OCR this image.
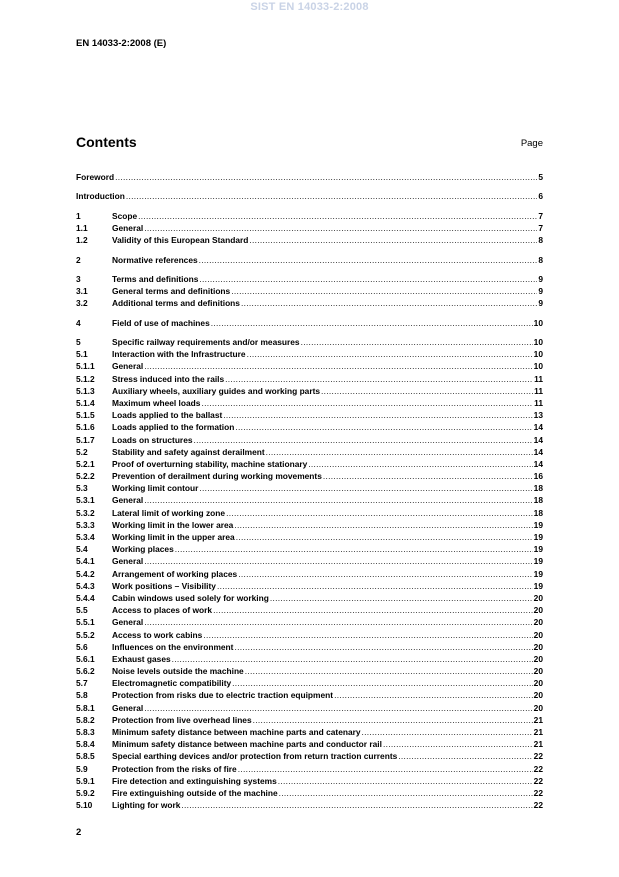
SIST EN 14033-2:2008
EN 14033-2:2008 (E)
Contents	Page
Foreword .....	5
Introduction .....	6
1	Scope .....	7
1.1	General .....	7
1.2	Validity of this European Standard .....	8
2	Normative references .....	8
3	Terms and definitions .....	9
3.1	General terms and definitions .....	9
3.2	Additional terms and definitions .....	9
4	Field of use of machines .....	10
5	Specific railway requirements and/or measures .....	10
5.1	Interaction with the Infrastructure .....	10
5.1.1	General .....	10
5.1.2	Stress induced into the rails .....	11
5.1.3	Auxiliary wheels, auxiliary guides and working parts .....	11
5.1.4	Maximum wheel loads .....	11
5.1.5	Loads applied to the ballast .....	13
5.1.6	Loads applied to the formation .....	14
5.1.7	Loads on structures .....	14
5.2	Stability and safety against derailment .....	14
5.2.1	Proof of overturning stability, machine stationary .....	14
5.2.2	Prevention of derailment during working movements .....	16
5.3	Working limit contour .....	18
5.3.1	General .....	18
5.3.2	Lateral limit of working zone .....	18
5.3.3	Working limit in the lower area .....	19
5.3.4	Working limit in the upper area .....	19
5.4	Working places .....	19
5.4.1	General .....	19
5.4.2	Arrangement of working places .....	19
5.4.3	Work positions – Visibility .....	19
5.4.4	Cabin windows used solely for working .....	20
5.5	Access to places of work .....	20
5.5.1	General .....	20
5.5.2	Access to work cabins .....	20
5.6	Influences on the environment .....	20
5.6.1	Exhaust gases .....	20
5.6.2	Noise levels outside the machine .....	20
5.7	Electromagnetic compatibility .....	20
5.8	Protection from risks due to electric traction equipment .....	20
5.8.1	General .....	20
5.8.2	Protection from live overhead lines .....	21
5.8.3	Minimum safety distance between machine parts and catenary .....	21
5.8.4	Minimum safety distance between machine parts and conductor rail .....	21
5.8.5	Special earthing devices and/or protection from return traction currents .....	22
5.9	Protection from the risks of fire .....	22
5.9.1	Fire detection and extinguishing systems .....	22
5.9.2	Fire extinguishing outside of the machine .....	22
5.10	Lighting for work .....	22
2
